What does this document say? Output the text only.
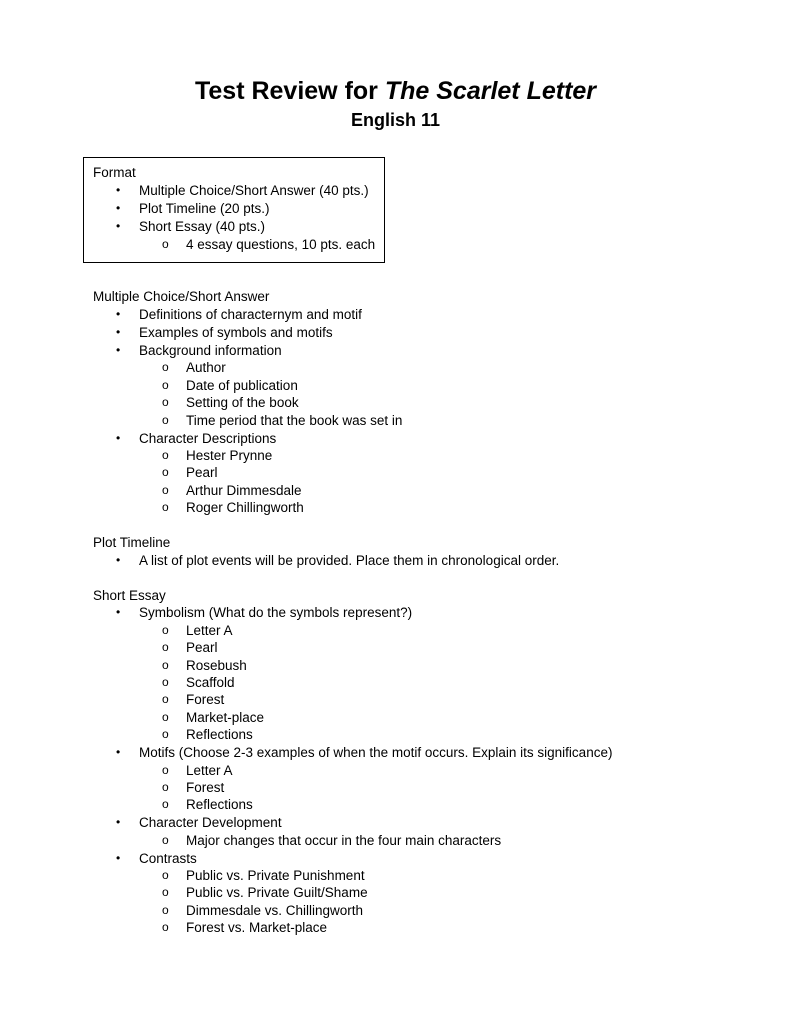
Test Review for The Scarlet Letter
English 11
Format
• Multiple Choice/Short Answer (40 pts.)
• Plot Timeline (20 pts.)
• Short Essay (40 pts.)
o 4 essay questions, 10 pts. each
Multiple Choice/Short Answer
• Definitions of characternym and motif
• Examples of symbols and motifs
• Background information
o Author
o Date of publication
o Setting of the book
o Time period that the book was set in
• Character Descriptions
o Hester Prynne
o Pearl
o Arthur Dimmesdale
o Roger Chillingworth
Plot Timeline
• A list of plot events will be provided. Place them in chronological order.
Short Essay
• Symbolism (What do the symbols represent?)
o Letter A
o Pearl
o Rosebush
o Scaffold
o Forest
o Market-place
o Reflections
• Motifs (Choose 2-3 examples of when the motif occurs. Explain its significance)
o Letter A
o Forest
o Reflections
• Character Development
o Major changes that occur in the four main characters
• Contrasts
o Public vs. Private Punishment
o Public vs. Private Guilt/Shame
o Dimmesdale vs. Chillingworth
o Forest vs. Market-place
